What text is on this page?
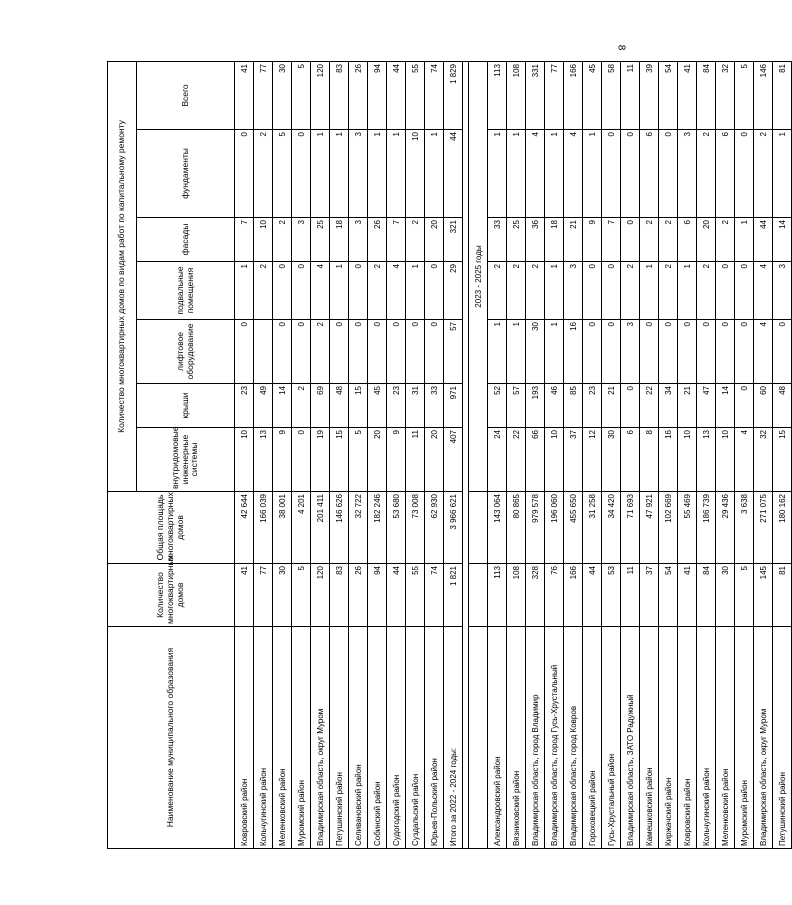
8
Наименование муниципального образования	Количество многоквартирных домов	Общая площадь многоквартирных домов	Количество многоквартирных домов по видам работ по капитальному ремонту						
			внутридомовые инженерные системы	крыши	лифтовое оборудование	подвальные помещения	фасады	фундаменты	Всего
Ковровский район	41	42 644	10	23	0	1	7	0	41
Кольчугинский район	77	166 039	13	49		2	10	2	77
Меленковский район	30	38 001	9	14	0	0	2	5	30
Муромский район	5	4 201	0	2	0	0	3	0	5
Владимирская область, округ Муром	120	201 411	19	69	2	4	25	1	120
Петушинский район	83	146 626	15	48	0	1	18	1	83
Селивановский район	26	32 722	5	15	0	0	3	3	26
Собинский район	94	182 246	20	45	0	2	26	1	94
Судогодский район	44	53 680	9	23	0	4	7	1	44
Суздальский район	55	73 008	11	31	0	1	2	10	55
Юрьев-Польский район	74	62 930	20	33	0	0	20	1	74
Итого за 2022 - 2024 годы:	1 821	3 966 621	407	971	57	29	321	44	1 829

			2023 - 2025 годы						
Александровский район	113	143 064	24	52	1	2	33	1	113
Вязниковский район	108	80 865	22	57	1	2	25	1	108
Владимирская область, город Владимир	328	979 578	66	193	30	2	36	4	331
Владимирская область, город Гусь-Хрустальный	76	196 060	10	46	1	1	18	1	77
Владимирская область, город Ковров	166	455 650	37	85	16	3	21	4	166
Гороховецкий район	44	31 258	12	23	0	0	9	1	45
Гусь-Хрустальный район	53	34 420	30	21	0	0	7	0	58
Владимирская область, ЗАТО Радужный	11	71 693	6	0	3	2	0	0	11
Камешковский район	37	47 921	8	22	0	1	2	6	39
Киржачский район	54	102 669	16	34	0	2	2	0	54
Ковровский район	41	55 469	10	21	0	1	6	3	41
Кольчугинский район	84	186 739	13	47	0	2	20	2	84
Меленковский район	30	29 436	10	14	0	0	2	6	32
Муромский район	5	3 638	4	0	0	0	1	0	5
Владимирская область, округ Муром	145	271 075	32	60	4	4	44	2	146
Петушинский район	81	180 162	15	48	0	3	14	1	81
